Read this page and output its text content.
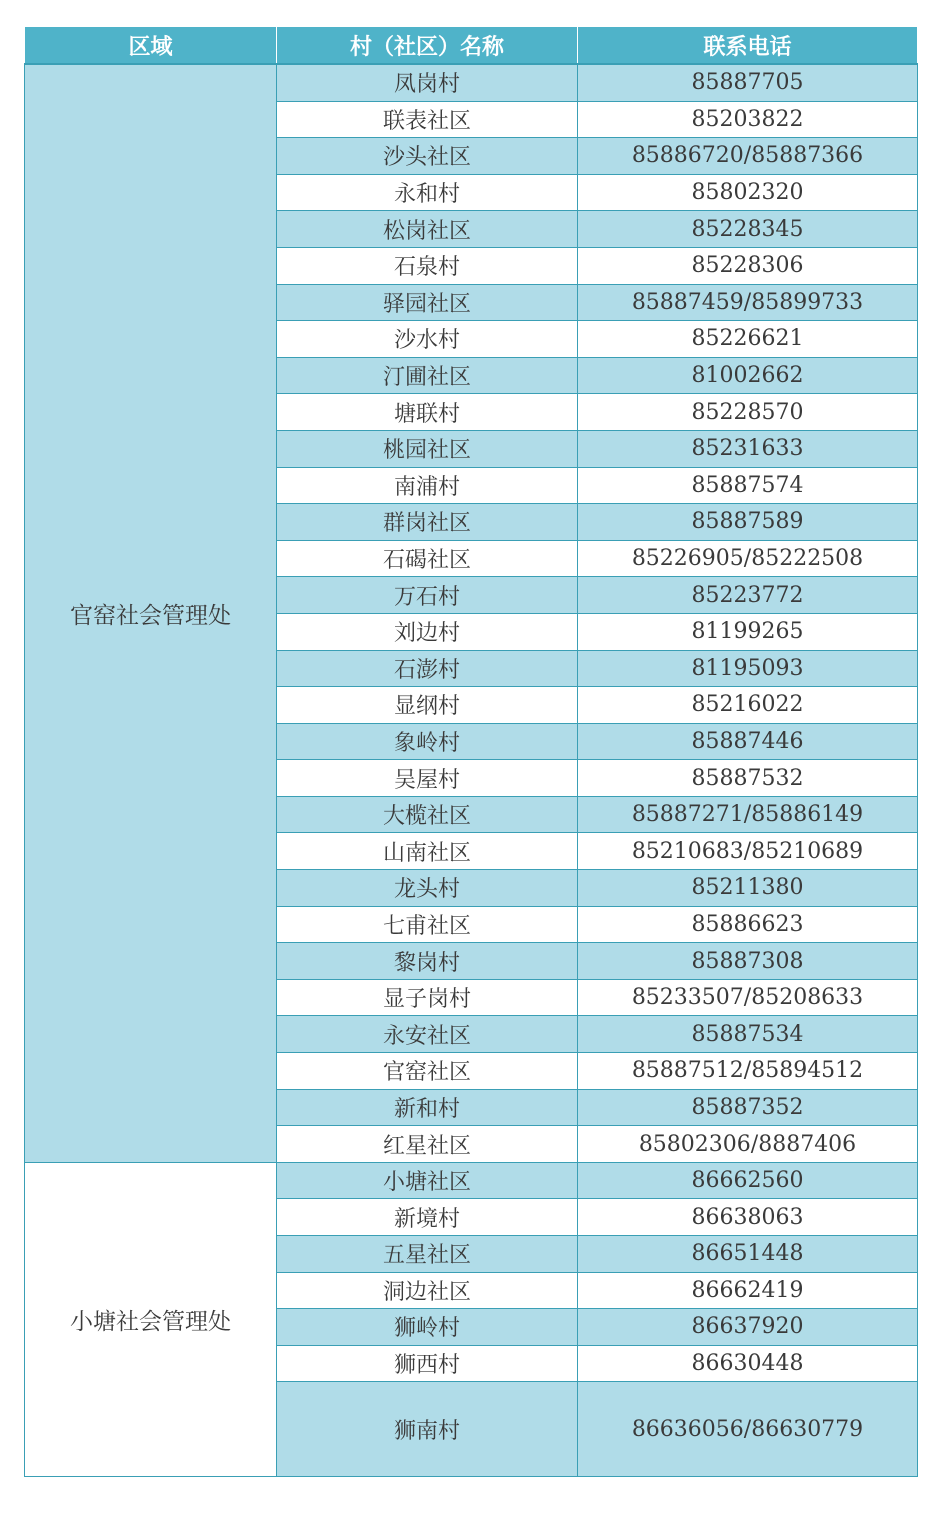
区域	村（社区）名称	联系电话
官窑社会管理处	凤岗村	85887705
	联表社区	85203822
	沙头社区	85886720/85887366
	永和村	85802320
	松岗社区	85228345
	石泉村	85228306
	驿园社区	85887459/85899733
	沙水村	85226621
	汀圃社区	81002662
	塘联村	85228570
	桃园社区	85231633
	南浦村	85887574
	群岗社区	85887589
	石碣社区	85226905/85222508
	万石村	85223772
	刘边村	81199265
	石澎村	81195093
	显纲村	85216022
	象岭村	85887446
	吴屋村	85887532
	大榄社区	85887271/85886149
	山南社区	85210683/85210689
	龙头村	85211380
	七甫社区	85886623
	黎岗村	85887308
	显子岗村	85233507/85208633
	永安社区	85887534
	官窑社区	85887512/85894512
	新和村	85887352
	红星社区	85802306/8887406
小塘社会管理处	小塘社区	86662560
	新境村	86638063
	五星社区	86651448
	洞边社区	86662419
	狮岭村	86637920
	狮西村	86630448
	狮南村	86636056/86630779
